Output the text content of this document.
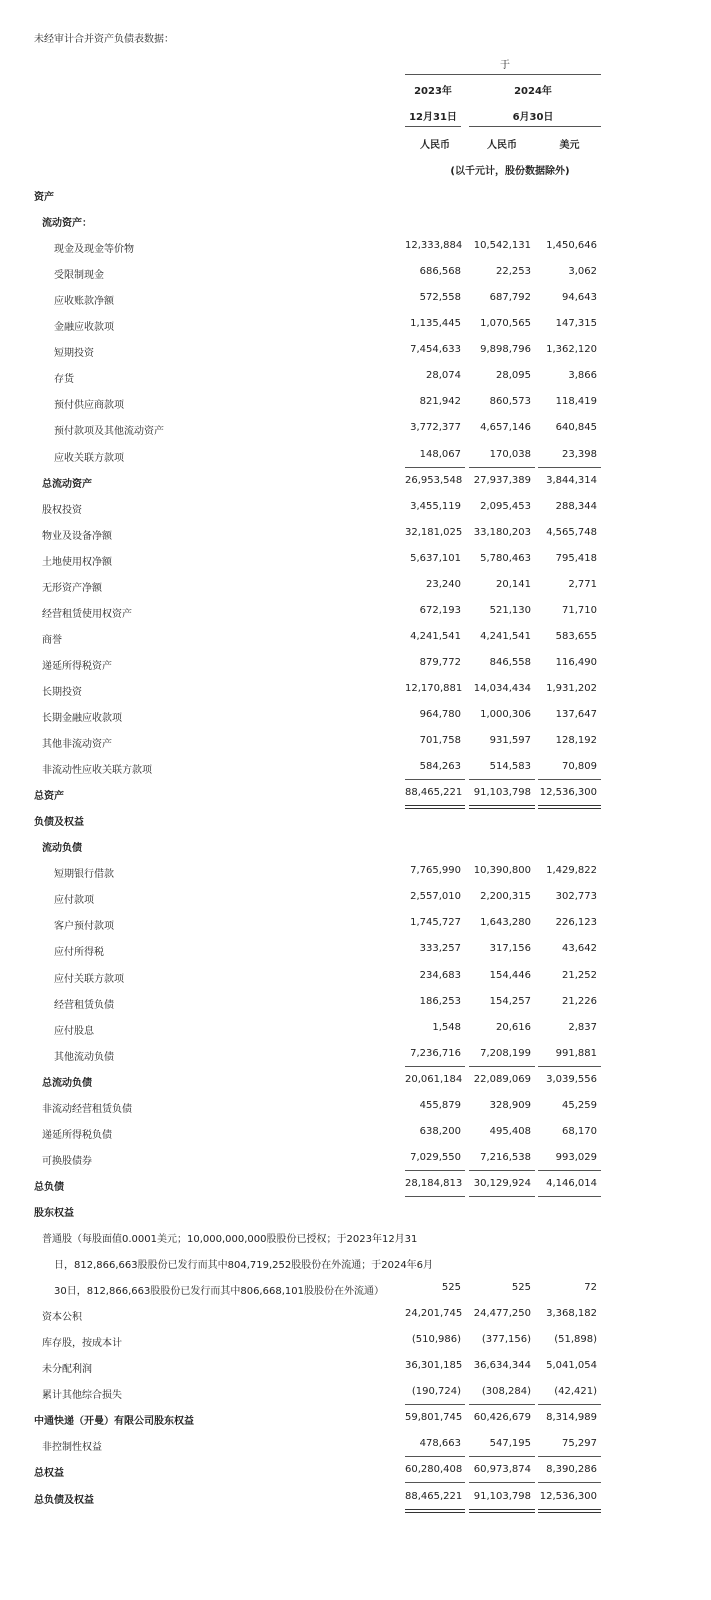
未经审计合并资产负债表数据：
于
2023年	2024年
12月31日	6月30日
人民币	人民币	美元
(以千元计，股份数据除外)
资产
流动资产：
现金及现金等价物	12,333,884	10,542,131	1,450,646
受限制现金	686,568	22,253	3,062
应收账款净额	572,558	687,792	94,643
金融应收款项	1,135,445	1,070,565	147,315
短期投资	7,454,633	9,898,796	1,362,120
存货	28,074	28,095	3,866
预付供应商款项	821,942	860,573	118,419
预付款项及其他流动资产	3,772,377	4,657,146	640,845
应收关联方款项	148,067	170,038	23,398
总流动资产	26,953,548	27,937,389	3,844,314
股权投资	3,455,119	2,095,453	288,344
物业及设备净额	32,181,025	33,180,203	4,565,748
土地使用权净额	5,637,101	5,780,463	795,418
无形资产净额	23,240	20,141	2,771
经营租赁使用权资产	672,193	521,130	71,710
商誉	4,241,541	4,241,541	583,655
递延所得税资产	879,772	846,558	116,490
长期投资	12,170,881	14,034,434	1,931,202
长期金融应收款项	964,780	1,000,306	137,647
其他非流动资产	701,758	931,597	128,192
非流动性应收关联方款项	584,263	514,583	70,809
总资产	88,465,221	91,103,798 12,536,300
负债及权益
流动负债
短期银行借款	7,765,990	10,390,800	1,429,822
应付款项	2,557,010	2,200,315	302,773
客户预付款项	1,745,727	1,643,280	226,123
应付所得税	333,257	317,156	43,642
应付关联方款项	234,683	154,446	21,252
经营租赁负债	186,253	154,257	21,226
应付股息	1,548	20,616	2,837
其他流动负债	7,236,716	7,208,199	991,881
总流动负债	20,061,184	22,089,069	3,039,556
非流动经营租赁负债	455,879	328,909	45,259
递延所得税负债	638,200	495,408	68,170
可换股债券	7,029,550	7,216,538	993,029
总负债	28,184,813	30,129,924	4,146,014
股东权益
普通股（每股面值0.0001美元；10,000,000,000股股份已授权；于2023年12月31
日，812,866,663股股份已发行而其中804,719,252股股份在外流通；于2024年6月
30日，812,866,663股股份已发行而其中806,668,101股股份在外流通）	525	525	72
资本公积	24,201,745	24,477,250	3,368,182
库存股，按成本计	(510,986)	(377,156)	(51,898)
未分配利润	36,301,185	36,634,344	5,041,054
累计其他综合损失	(190,724)	(308,284)	(42,421)
中通快递（开曼）有限公司股东权益	59,801,745	60,426,679	8,314,989
非控制性权益	478,663	547,195	75,297
总权益	60,280,408	60,973,874	8,390,286
总负债及权益	88,465,221	91,103,798 12,536,300
